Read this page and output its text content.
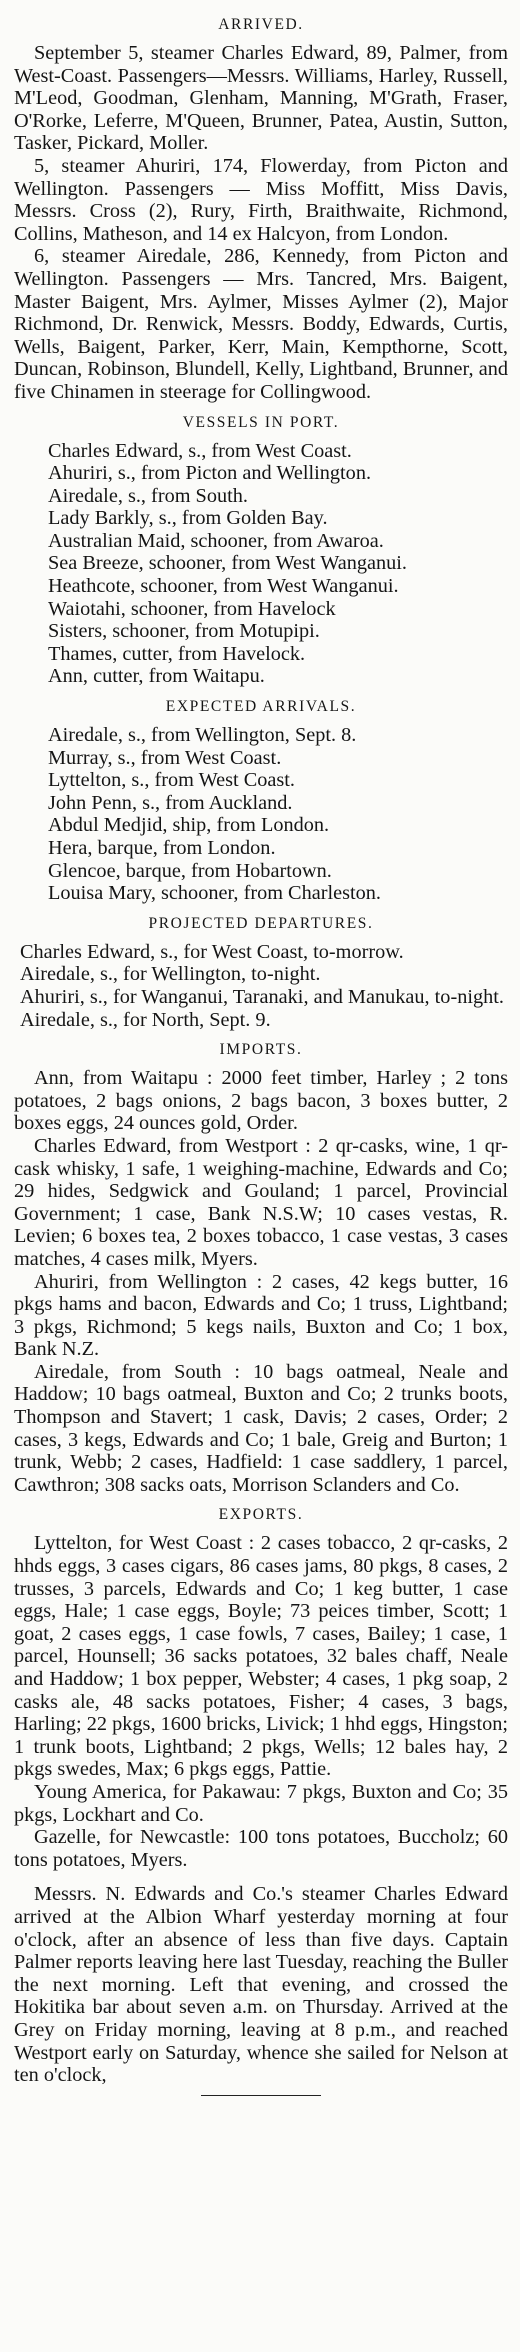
ARRIVED.
September 5, steamer Charles Edward, 89, Palmer, from West-Coast. Passengers—Messrs. Williams, Harley, Russell, M'Leod, Goodman, Glenham, Manning, M'Grath, Fraser, O'Rorke, Leferre, M'Queen, Brunner, Patea, Austin, Sutton, Tasker, Pickard, Moller.
5, steamer Ahuriri, 174, Flowerday, from Picton and Wellington. Passengers — Miss Moffitt, Miss Davis, Messrs. Cross (2), Rury, Firth, Braithwaite, Richmond, Collins, Matheson, and 14 ex Halcyon, from London.
6, steamer Airedale, 286, Kennedy, from Picton and Wellington. Passengers — Mrs. Tancred, Mrs. Baigent, Master Baigent, Mrs. Aylmer, Misses Aylmer (2), Major Richmond, Dr. Renwick, Messrs. Boddy, Edwards, Curtis, Wells, Baigent, Parker, Kerr, Main, Kempthorne, Scott, Duncan, Robinson, Blundell, Kelly, Lightband, Brunner, and five Chinamen in steerage for Collingwood.
VESSELS IN PORT.
Charles Edward, s., from West Coast.
Ahuriri, s., from Picton and Wellington.
Airedale, s., from South.
Lady Barkly, s., from Golden Bay.
Australian Maid, schooner, from Awaroa.
Sea Breeze, schooner, from West Wanganui.
Heathcote, schooner, from West Wanganui.
Waiotahi, schooner, from Havelock
Sisters, schooner, from Motupipi.
Thames, cutter, from Havelock.
Ann, cutter, from Waitapu.
EXPECTED ARRIVALS.
Airedale, s., from Wellington, Sept. 8.
Murray, s., from West Coast.
Lyttelton, s., from West Coast.
John Penn, s., from Auckland.
Abdul Medjid, ship, from London.
Hera, barque, from London.
Glencoe, barque, from Hobartown.
Louisa Mary, schooner, from Charleston.
PROJECTED DEPARTURES.
Charles Edward, s., for West Coast, to-morrow.
Airedale, s., for Wellington, to-night.
Ahuriri, s., for Wanganui, Taranaki, and Manukau, to-night.
Airedale, s., for North, Sept. 9.
IMPORTS.
Ann, from Waitapu : 2000 feet timber, Harley ; 2 tons potatoes, 2 bags onions, 2 bags bacon, 3 boxes butter, 2 boxes eggs, 24 ounces gold, Order.
Charles Edward, from Westport : 2 qr-casks, wine, 1 qr-cask whisky, 1 safe, 1 weighing-machine, Edwards and Co; 29 hides, Sedgwick and Gouland; 1 parcel, Provincial Government; 1 case, Bank N.S.W; 10 cases vestas, R. Levien; 6 boxes tea, 2 boxes tobacco, 1 case vestas, 3 cases matches, 4 cases milk, Myers.
Ahuriri, from Wellington : 2 cases, 42 kegs butter, 16 pkgs hams and bacon, Edwards and Co; 1 truss, Lightband; 3 pkgs, Richmond; 5 kegs nails, Buxton and Co; 1 box, Bank N.Z.
Airedale, from South : 10 bags oatmeal, Neale and Haddow; 10 bags oatmeal, Buxton and Co; 2 trunks boots, Thompson and Stavert; 1 cask, Davis; 2 cases, Order; 2 cases, 3 kegs, Edwards and Co; 1 bale, Greig and Burton; 1 trunk, Webb; 2 cases, Hadfield: 1 case saddlery, 1 parcel, Cawthron; 308 sacks oats, Morrison Sclanders and Co.
EXPORTS.
Lyttelton, for West Coast : 2 cases tobacco, 2 qr-casks, 2 hhds eggs, 3 cases cigars, 86 cases jams, 80 pkgs, 8 cases, 2 trusses, 3 parcels, Edwards and Co; 1 keg butter, 1 case eggs, Hale; 1 case eggs, Boyle; 73 peices timber, Scott; 1 goat, 2 cases eggs, 1 case fowls, 7 cases, Bailey; 1 case, 1 parcel, Hounsell; 36 sacks potatoes, 32 bales chaff, Neale and Haddow; 1 box pepper, Webster; 4 cases, 1 pkg soap, 2 casks ale, 48 sacks potatoes, Fisher; 4 cases, 3 bags, Harling; 22 pkgs, 1600 bricks, Livick; 1 hhd eggs, Hingston; 1 trunk boots, Lightband; 2 pkgs, Wells; 12 bales hay, 2 pkgs swedes, Max; 6 pkgs eggs, Pattie.
Young America, for Pakawau: 7 pkgs, Buxton and Co; 35 pkgs, Lockhart and Co.
Gazelle, for Newcastle: 100 tons potatoes, Buccholz; 60 tons potatoes, Myers.
Messrs. N. Edwards and Co.'s steamer Charles Edward arrived at the Albion Wharf yesterday morning at four o'clock, after an absence of less than five days. Captain Palmer reports leaving here last Tuesday, reaching the Buller the next morning. Left that evening, and crossed the Hokitika bar about seven a.m. on Thursday. Arrived at the Grey on Friday morning, leaving at 8 p.m., and reached Westport early on Saturday, whence she sailed for Nelson at ten o'clock,
